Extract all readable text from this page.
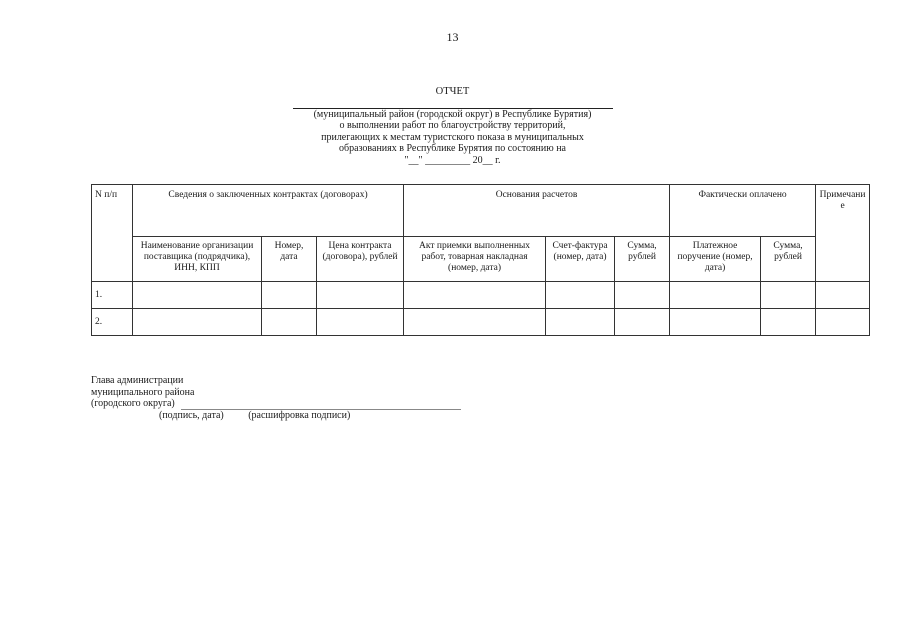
13
ОТЧЕТ
(муниципальный район (городской округ) в Республике Бурятия)
о выполнении работ по благоустройству территорий,
прилегающих к местам туристского показа в муниципальных
образованиях в Республике Бурятия по состоянию на
"__" _________ 20__ г.
N п/п	Сведения о заключенных контрактах (договорах)			Основания расчетов			Фактически оплачено		Примечание
	Наименование организации поставщика (подрядчика), ИНН, КПП	Номер, дата	Цена контракта (договора), рублей	Акт приемки выполненных работ, товарная накладная (номер, дата)	Счет-фактура (номер, дата)	Сумма, рублей	Платежное поручение (номер, дата)	Сумма, рублей	
1.									
2.									
Глава администрации
муниципального района
(городского округа)
(подпись, дата) (расшифровка подписи)
